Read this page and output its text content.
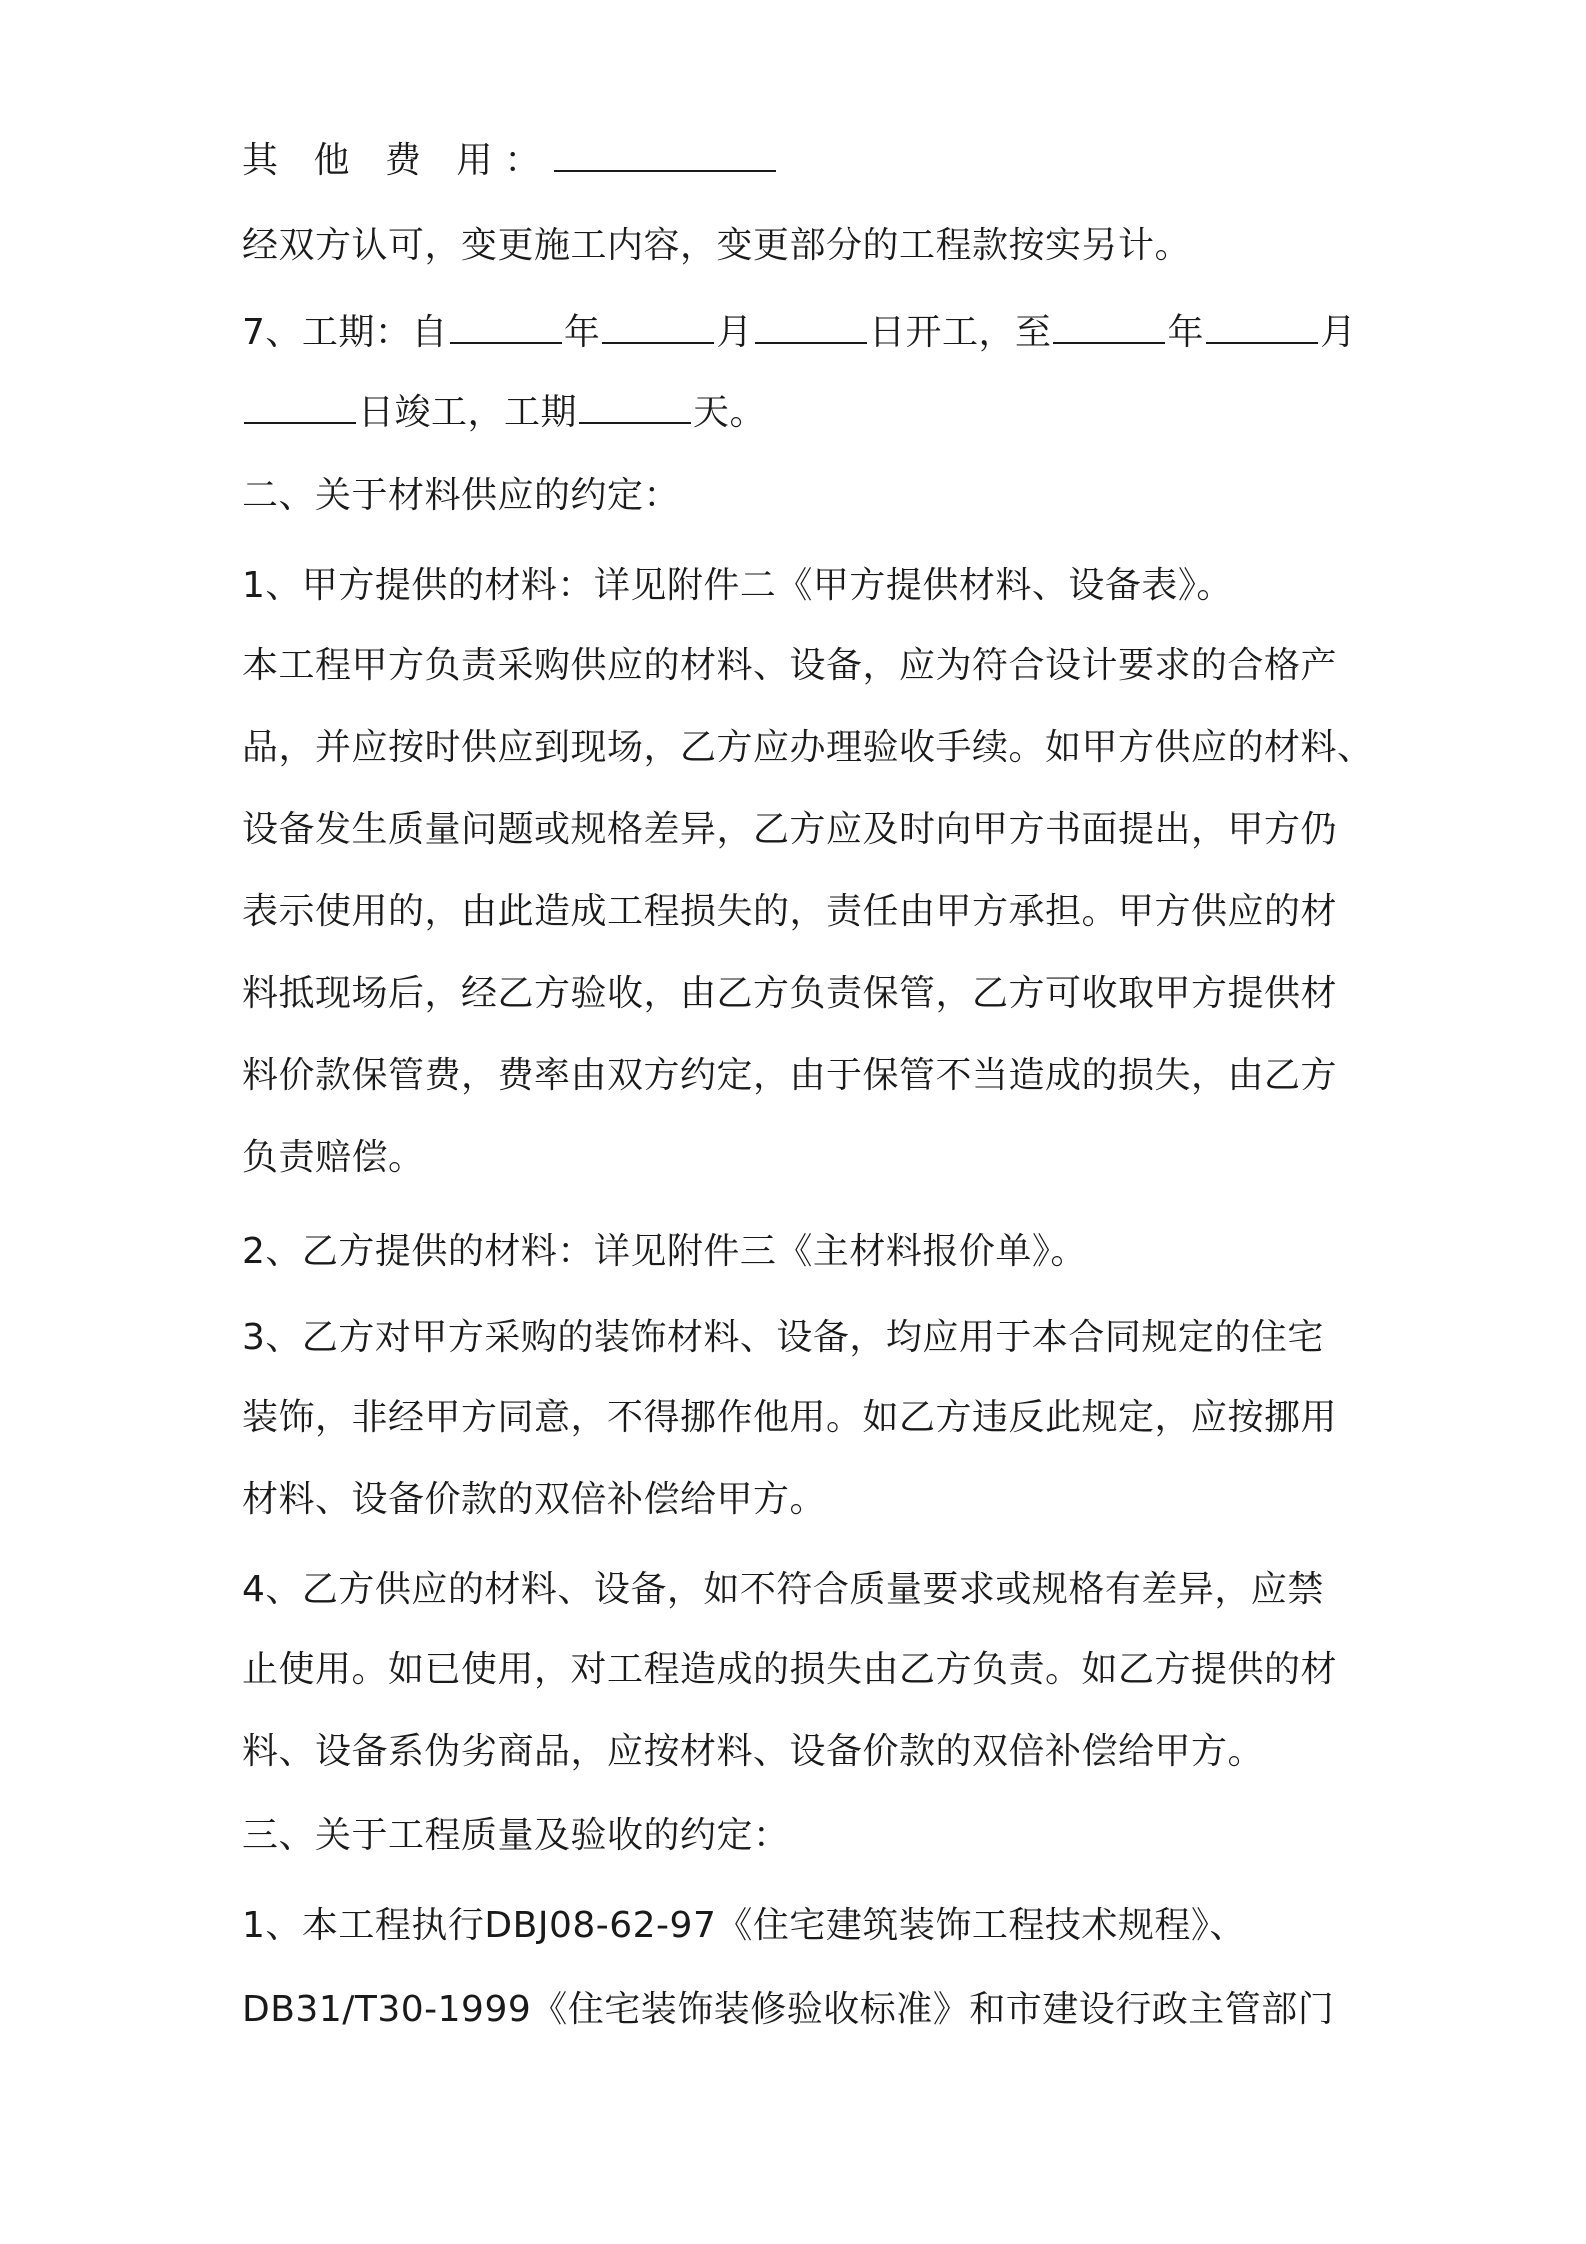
其 他 费 用：
经双方认可，变更施工内容，变更部分的工程款按实另计。
7、工期：自	年	月	日开工，至	年	月
日竣工，工期	天。
二、关于材料供应的约定：
1、甲方提供的材料：详见附件二《甲方提供材料、设备表》。
本工程甲方负责采购供应的材料、设备，应为符合设计要求的合格产
品，并应按时供应到现场，乙方应办理验收手续。如甲方供应的材料、
设备发生质量问题或规格差异，乙方应及时向甲方书面提出，甲方仍
表示使用的，由此造成工程损失的，责任由甲方承担。甲方供应的材
料抵现场后，经乙方验收，由乙方负责保管，乙方可收取甲方提供材
料价款保管费，费率由双方约定，由于保管不当造成的损失，由乙方
负责赔偿。
2、乙方提供的材料：详见附件三《主材料报价单》。
3、乙方对甲方采购的装饰材料、设备，均应用于本合同规定的住宅
装饰，非经甲方同意，不得挪作他用。如乙方违反此规定，应按挪用
材料、设备价款的双倍补偿给甲方。
4、乙方供应的材料、设备，如不符合质量要求或规格有差异，应禁
止使用。如已使用，对工程造成的损失由乙方负责。如乙方提供的材
料、设备系伪劣商品，应按材料、设备价款的双倍补偿给甲方。
三、关于工程质量及验收的约定：
1、本工程执行DBJ08-62-97《住宅建筑装饰工程技术规程》、
DB31/T30-1999《住宅装饰装修验收标准》和市建设行政主管部门
